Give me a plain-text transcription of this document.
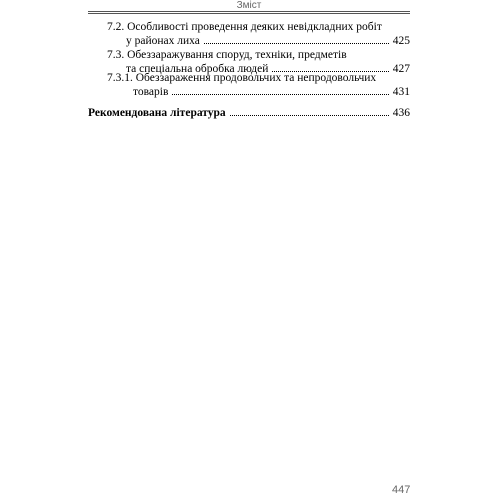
Зміст
7.2. Особливості проведення деяких невідкладних робіт
у районах лиха	425
7.3. Обеззаражування споруд, техніки, предметів
та спеціальна обробка людей	427
7.3.1. Обеззараження продовольчих та непродовольчих
товарів	431
Рекомендована література	436
447
